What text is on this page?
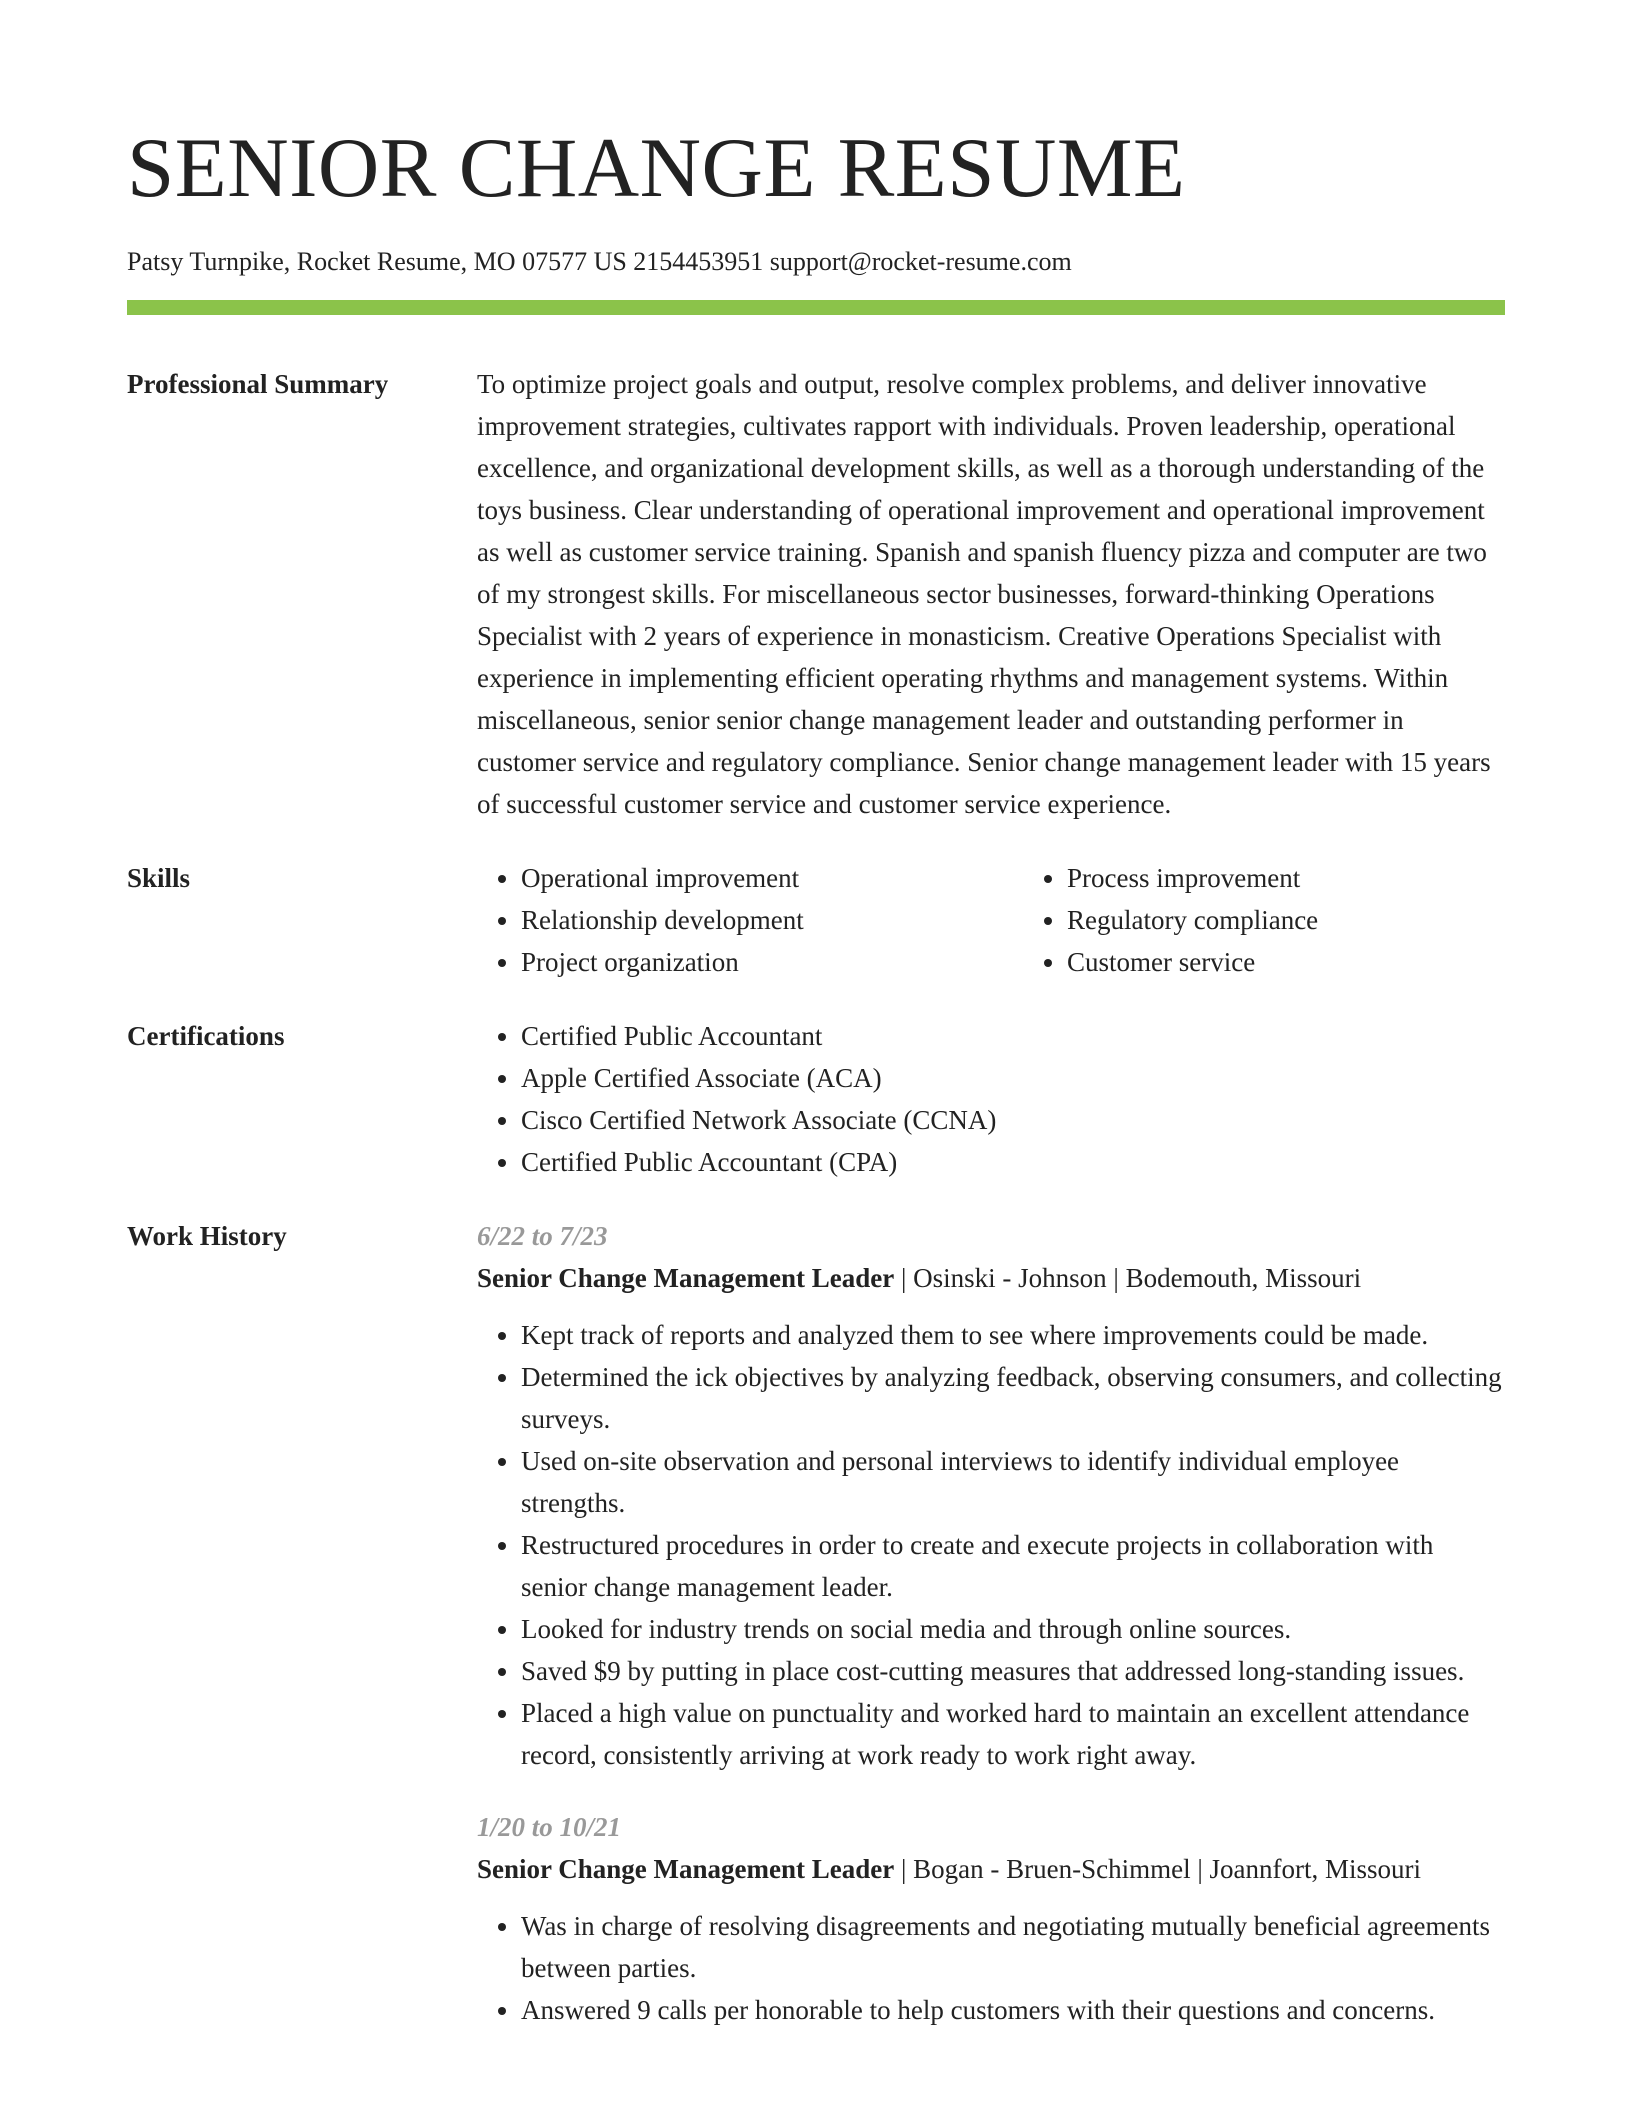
SENIOR CHANGE RESUME
Patsy Turnpike, Rocket Resume, MO 07577 US 2154453951 support@rocket-resume.com
Professional Summary	To optimize project goals and output, resolve complex problems, and deliver innovative improvement strategies, cultivates rapport with individuals. Proven leadership, operational excellence, and organizational development skills, as well as a thorough understanding of the toys business. Clear understanding of operational improvement and operational improvement as well as customer service training. Spanish and spanish fluency pizza and computer are two of my strongest skills. For miscellaneous sector businesses, forward-thinking Operations Specialist with 2 years of experience in monasticism. Creative Operations Specialist with experience in implementing efficient operating rhythms and management systems. Within miscellaneous, senior senior change management leader and outstanding performer in customer service and regulatory compliance. Senior change management leader with 15 years of successful customer service and customer service experience.
Skills	• Operational improvement
• Relationship development
• Project organization
• Process improvement
• Regulatory compliance
• Customer service
Certifications	• Certified Public Accountant
• Apple Certified Associate (ACA)
• Cisco Certified Network Associate (CCNA)
• Certified Public Accountant (CPA)
Work History	6/22 to 7/23
Senior Change Management Leader | Osinski - Johnson | Bodemouth, Missouri
• Kept track of reports and analyzed them to see where improvements could be made.
• Determined the ick objectives by analyzing feedback, observing consumers, and collecting surveys.
• Used on-site observation and personal interviews to identify individual employee strengths.
• Restructured procedures in order to create and execute projects in collaboration with senior change management leader.
• Looked for industry trends on social media and through online sources.
• Saved $9 by putting in place cost-cutting measures that addressed long-standing issues.
• Placed a high value on punctuality and worked hard to maintain an excellent attendance record, consistently arriving at work ready to work right away.
1/20 to 10/21
Senior Change Management Leader | Bogan - Bruen-Schimmel | Joannfort, Missouri
• Was in charge of resolving disagreements and negotiating mutually beneficial agreements between parties.
• Answered 9 calls per honorable to help customers with their questions and concerns.
